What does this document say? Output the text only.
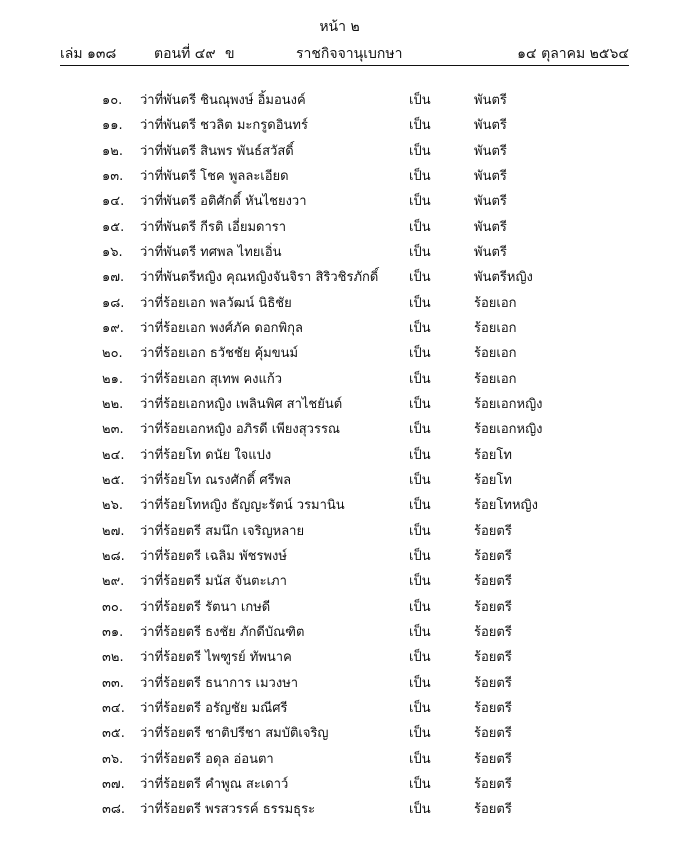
หน้า ๒
เล่ม ๑๓๘	ตอนที่ ๔๙ ข	ราชกิจจานุเบกษา	๑๔ ตุลาคม ๒๕๖๔
๑๐.	ว่าที่พันตรี ชินณุพงษ์ อิ้มอนงค์	เป็น	พันตรี
๑๑.	ว่าที่พันตรี ชวลิต มะกรูดอินทร์	เป็น	พันตรี
๑๒.	ว่าที่พันตรี สินพร พันธ์สวัสดิ์	เป็น	พันตรี
๑๓.	ว่าที่พันตรี โชค พูลละเอียด	เป็น	พันตรี
๑๔.	ว่าที่พันตรี อติศักดิ์ หันไชยงวา	เป็น	พันตรี
๑๕.	ว่าที่พันตรี กีรติ เอี่ยมดารา	เป็น	พันตรี
๑๖.	ว่าที่พันตรี ทศพล ไทยเอิ่น	เป็น	พันตรี
๑๗.	ว่าที่พันตรีหญิง คุณหญิงจันจิรา สิริวชิรภักดิ์ เป็น	พันตรีหญิง
๑๘.	ว่าที่ร้อยเอก พลวัฒน์ นิธิชัย	เป็น	ร้อยเอก
๑๙.	ว่าที่ร้อยเอก พงศ์ภัค ดอกพิกุล	เป็น	ร้อยเอก
๒๐.	ว่าที่ร้อยเอก ธวัชชัย คุ้มขนม์	เป็น	ร้อยเอก
๒๑.	ว่าที่ร้อยเอก สุเทพ คงแก้ว	เป็น	ร้อยเอก
๒๒.	ว่าที่ร้อยเอกหญิง เพลินพิศ สาไชยันต์	เป็น	ร้อยเอกหญิง
๒๓.	ว่าที่ร้อยเอกหญิง อภิรดี เพียงสุวรรณ	เป็น	ร้อยเอกหญิง
๒๔.	ว่าที่ร้อยโท ดนัย ใจแปง	เป็น	ร้อยโท
๒๕.	ว่าที่ร้อยโท ณรงศักดิ์ ศรีพล	เป็น	ร้อยโท
๒๖.	ว่าที่ร้อยโทหญิง ธัญญะรัตน์ วรมานิน	เป็น	ร้อยโทหญิง
๒๗.	ว่าที่ร้อยตรี สมนึก เจริญหลาย	เป็น	ร้อยตรี
๒๘.	ว่าที่ร้อยตรี เฉลิม พัชรพงษ์	เป็น	ร้อยตรี
๒๙.	ว่าที่ร้อยตรี มนัส จันตะเภา	เป็น	ร้อยตรี
๓๐.	ว่าที่ร้อยตรี รัตนา เกษดี	เป็น	ร้อยตรี
๓๑.	ว่าที่ร้อยตรี ธงชัย ภักดีบัณฑิต	เป็น	ร้อยตรี
๓๒.	ว่าที่ร้อยตรี ไพฑูรย์ ทัพนาค	เป็น	ร้อยตรี
๓๓.	ว่าที่ร้อยตรี ธนาการ เมวงษา	เป็น	ร้อยตรี
๓๔.	ว่าที่ร้อยตรี อรัญชัย มณีศรี	เป็น	ร้อยตรี
๓๕.	ว่าที่ร้อยตรี ชาติปรีชา สมบัติเจริญ	เป็น	ร้อยตรี
๓๖.	ว่าที่ร้อยตรี อดุล อ่อนตา	เป็น	ร้อยตรี
๓๗.	ว่าที่ร้อยตรี คำพูณ สะเดาว์	เป็น	ร้อยตรี
๓๘.	ว่าที่ร้อยตรี พรสวรรค์ ธรรมธุระ	เป็น	ร้อยตรี
